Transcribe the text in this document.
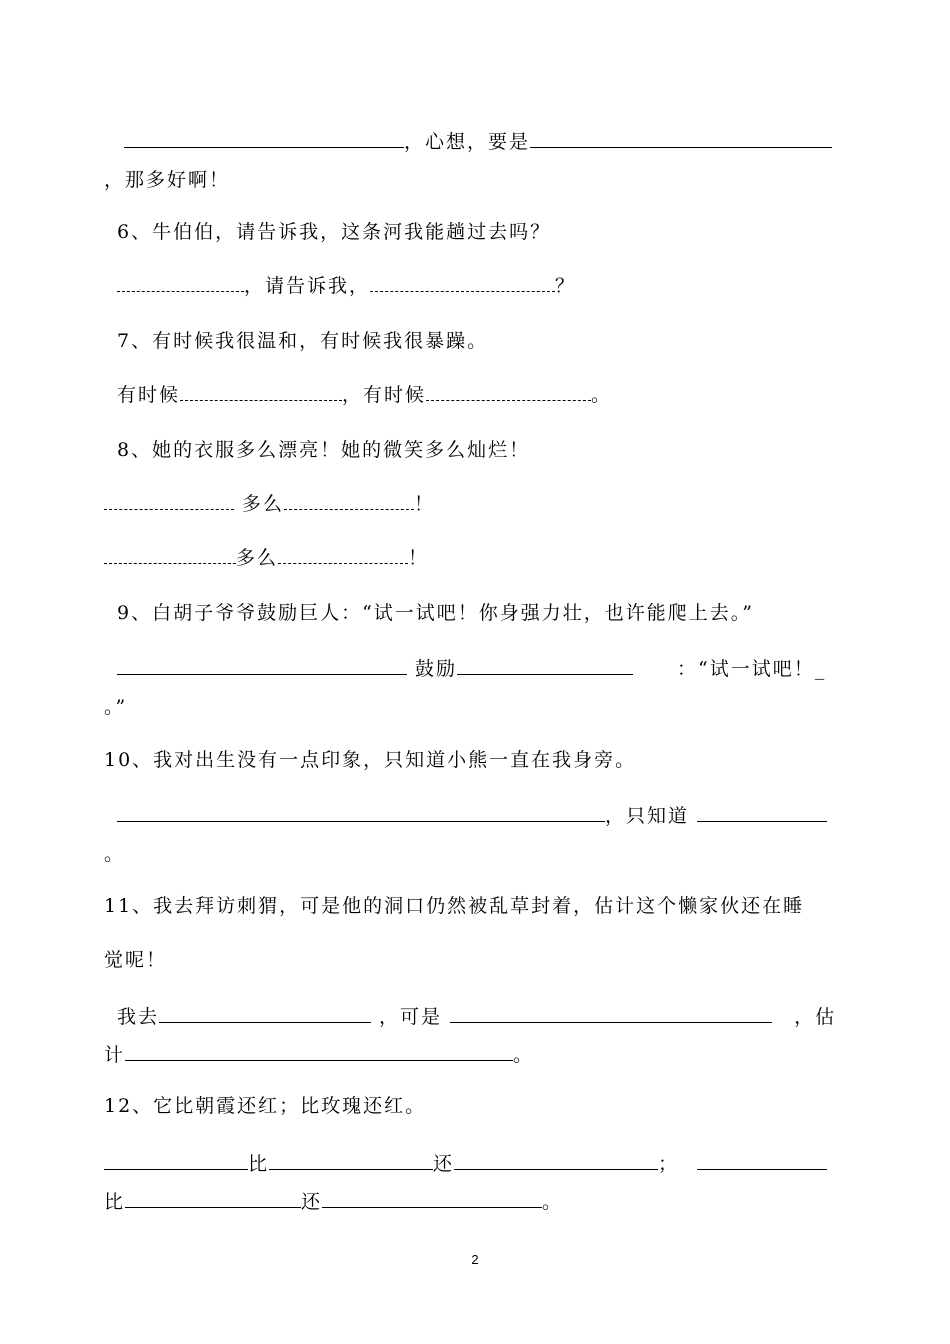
，心想，要是
，那多好啊！
6、牛伯伯，请告诉我，这条河我能趟过去吗？
，请告诉我，	？
7、有时候我很温和，有时候我很暴躁。
有时候	，有时候	。
8、她的衣服多么漂亮！她的微笑多么灿烂！
多么	！
多么	！
9、白胡子爷爷鼓励巨人：“试一试吧！你身强力壮，也许能爬上去。”
鼓励	：“试一试吧！_
。”
10、我对出生没有一点印象，只知道小熊一直在我身旁。
，只知道
。
11、我去拜访刺猬，可是他的洞口仍然被乱草封着，估计这个懒家伙还在睡
觉呢！
我去	，可是	，估
计	。
12、它比朝霞还红；比玫瑰还红。
比	还	；
比	还	。
2
